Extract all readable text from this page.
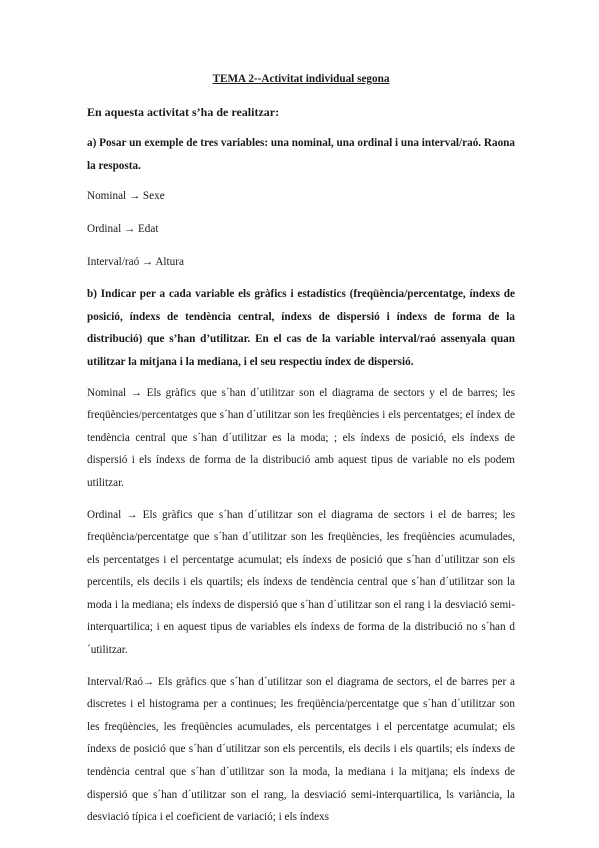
TEMA 2--Activitat individual segona

En aquesta activitat s’ha de realitzar:

a) Posar un exemple de tres variables: una nominal, una ordinal i una interval/raó. Raona la resposta.

Nominal → Sexe

Ordinal → Edat

Interval/raó → Altura

b) Indicar per a cada variable els gràfics i estadístics (freqüència/percentatge, índexs de posició, índexs de tendència central, índexs de dispersió i índexs de forma de la distribució) que s’han d’utilitzar. En el cas de la variable interval/raó assenyala quan utilitzar la mitjana i la mediana, i el seu respectiu índex de dispersió.

Nominal → Els gràfics que s´han d´utilitzar son el diagrama de sectors y el de barres; les freqüències/percentatges que s´han d´utilitzar son les freqüències i els percentatges; el índex de tendència central que s´han d´utilitzar es la moda; ; els índexs de posició, els índexs de dispersió i els índexs de forma de la distribució amb aquest tipus de variable no els podem utilitzar.

Ordinal → Els gràfics que s´han d´utilitzar son el diagrama de sectors i el de barres; les freqüència/percentatge que s´han d´utilitzar son les freqüències, les freqüències acumulades, els percentatges i el percentatge acumulat; els índexs de posició que s´han d´utilitzar son els percentils, els decils i els quartils; els índexs de tendència central que s´han d´utilitzar son la moda i la mediana; els índexs de dispersió que s´han d´utilitzar son el rang i la desviació semi-interquartilica; i en aquest tipus de variables els índexs de forma de la distribució no s´han d´utilitzar.

Interval/Raó→ Els gràfics que s´han d´utilitzar son el diagrama de sectors, el de barres per a discretes i el histograma per a continues; les freqüència/percentatge que s´han d´utilitzar son les freqüències, les freqüències acumulades, els percentatges i el percentatge acumulat; els índexs de posició que s´han d´utilitzar son els percentils, els decils i els quartils; els índexs de tendència central que s´han d´utilitzar son la moda, la mediana i la mitjana; els índexs de dispersió que s´han d´utilitzar son el rang, la desviació semi-interquartilica, ls variància, la desviació típica i el coeficient de variació; i els índexs
